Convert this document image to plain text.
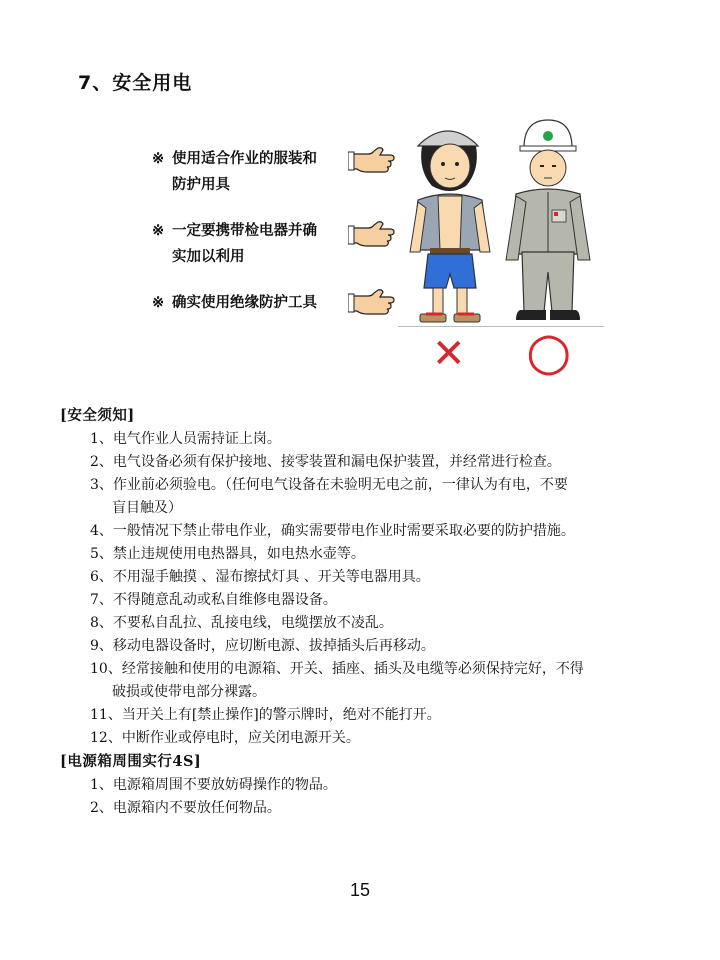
7、安全用电
※ 使用适合作业的服装和
防护用具
※ 一定要携带检电器并确
实加以利用
※ 确实使用绝缘防护工具
✕ ○
[安全须知]
1、电气作业人员需持证上岗。
2、电气设备必须有保护接地、接零装置和漏电保护装置，并经常进行检查。
3、作业前必须验电。（任何电气设备在未验明无电之前，一律认为有电，不要
盲目触及）
4、一般情况下禁止带电作业，确实需要带电作业时需要采取必要的防护措施。
5、禁止违规使用电热器具，如电热水壶等。
6、不用湿手触摸 、湿布擦拭灯具 、开关等电器用具。
7、不得随意乱动或私自维修电器设备。
8、不要私自乱拉、乱接电线，电缆摆放不凌乱。
9、移动电器设备时，应切断电源、拔掉插头后再移动。
10、经常接触和使用的电源箱、开关、插座、插头及电缆等必须保持完好，不得
破损或使带电部分裸露。
11、当开关上有[禁止操作]的警示牌时，绝对不能打开。
12、中断作业或停电时，应关闭电源开关。
[电源箱周围实行4S]
1、电源箱周围不要放妨碍操作的物品。
2、电源箱内不要放任何物品。
15
